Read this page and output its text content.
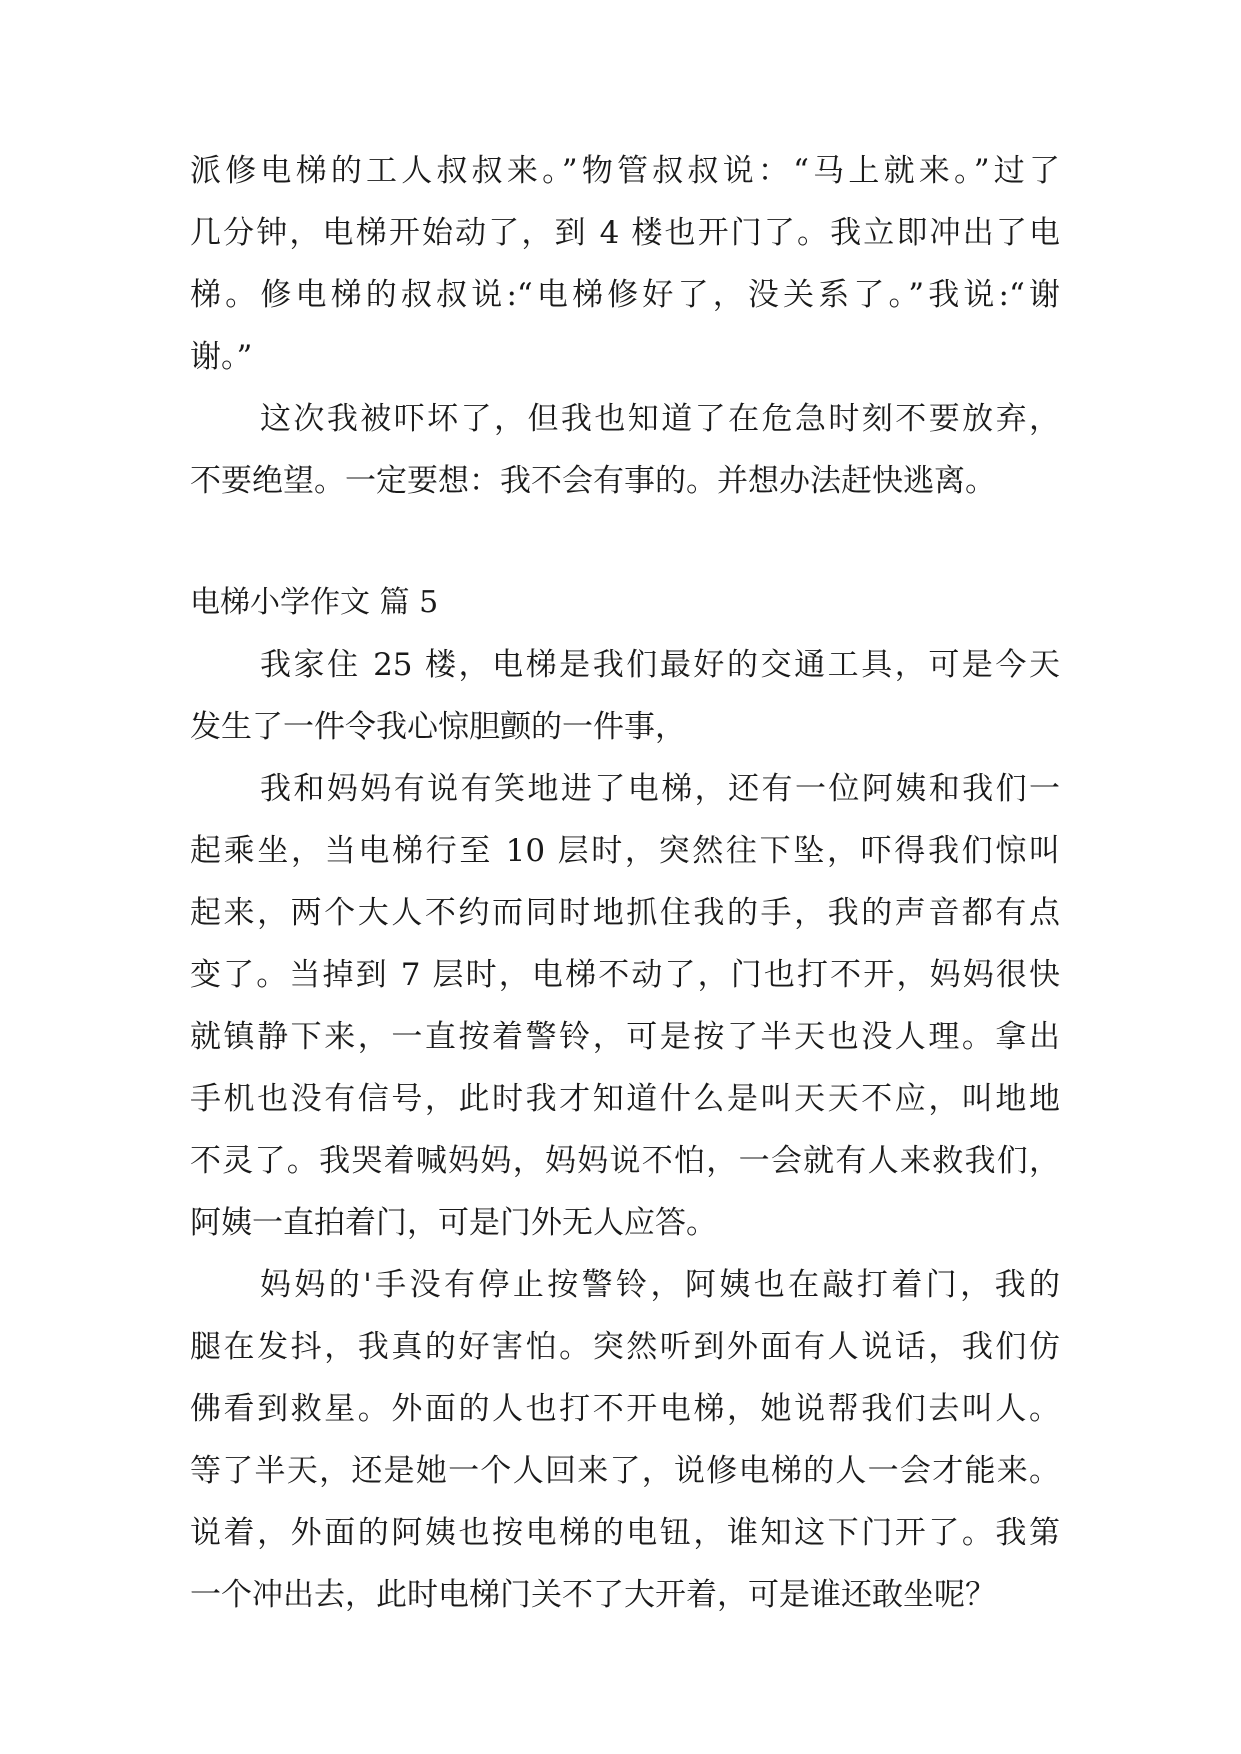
派修电梯的工人叔叔来。”物管叔叔说：“马上就来。”过了
几分钟，电梯开始动了，到 4 楼也开门了。我立即冲出了电
梯。修电梯的叔叔说:“电梯修好了，没关系了。”我说:“谢
谢。”
这次我被吓坏了，但我也知道了在危急时刻不要放弃，
不要绝望。一定要想：我不会有事的。并想办法赶快逃离。
电梯小学作文 篇 5
我家住 25 楼，电梯是我们最好的交通工具，可是今天
发生了一件令我心惊胆颤的一件事，
我和妈妈有说有笑地进了电梯，还有一位阿姨和我们一
起乘坐，当电梯行至 10 层时，突然往下坠，吓得我们惊叫
起来，两个大人不约而同时地抓住我的手，我的声音都有点
变了。当掉到 7 层时，电梯不动了，门也打不开，妈妈很快
就镇静下来，一直按着警铃，可是按了半天也没人理。拿出
手机也没有信号，此时我才知道什么是叫天天不应，叫地地
不灵了。我哭着喊妈妈，妈妈说不怕，一会就有人来救我们，
阿姨一直拍着门，可是门外无人应答。
妈妈的'手没有停止按警铃，阿姨也在敲打着门，我的
腿在发抖，我真的好害怕。突然听到外面有人说话，我们仿
佛看到救星。外面的人也打不开电梯，她说帮我们去叫人。
等了半天，还是她一个人回来了，说修电梯的人一会才能来。
说着，外面的阿姨也按电梯的电钮，谁知这下门开了。我第
一个冲出去，此时电梯门关不了大开着，可是谁还敢坐呢？
